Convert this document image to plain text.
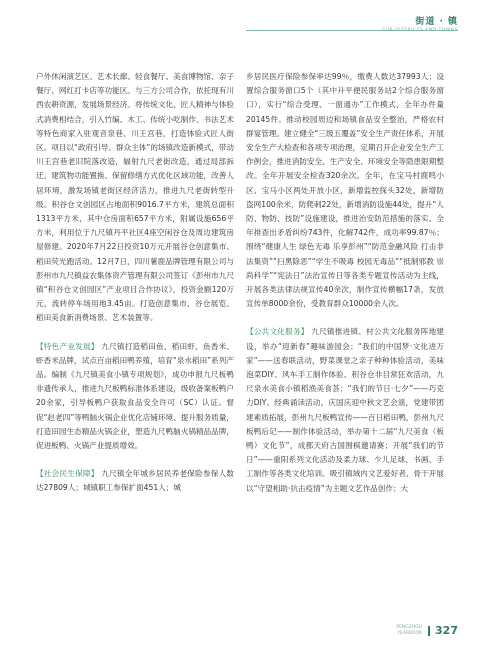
街道 · 镇
SUB-DISTRICTS AND TOWNS

户外休闲演艺区、艺术长廊、轻食餐厅、美食博物馆、亲子餐厅、网红打卡店等功能区。与三方公司合作，依托现有川西农耕资源，发展场景经济。将传统文化、匠人精神与体验式消费相结合，引入竹编、木工、传统小吃制作、书法艺术等特色商家入驻观音泉巷、川王宫巷，打造体验式匠人街区。项目以“政府引导、群众主体”的场镇改造新模式，带动川王宫巷老旧院落改造，辐射九尺老街改造，通过局部拆迁、建筑物功能置换、保留修缮方式优化区域功能，改善人居环境，激发场镇老街区经济活力，推进九尺老街转型升级。积谷仓文创园区占地面积9016.7平方米，建筑总面积1313平方米，其中仓房面积657平方米，附属设施656平方米，利用位于九尺镇丹平社区4座空闲谷仓及周边建筑房屋修建。2020年7月22日投资10万元开展谷仓创意集市、稻田荧光跑活动。12月7日，四川薯鹿品牌管理有限公司与彭州市九尺镇益农集体资产管理有限公司签订《彭州市九尺镇“积谷仓文创园区”产业项目合作协议》，投资金额120万元，流转停车场用地3.45亩。打造创意集市、谷仓展览、稻田美食新消费场景、艺术装置等。

【特色产业发展】 九尺镇打造稻田鱼、稻田虾、鱼香米、虾香米品牌，试点百亩稻田鸭养殖，培育“泉水稻田”系列产品。编制《九尺镇美食小镇专项规划》，成功申报九尺板鸭非遗传承人，推进九尺板鸭标准体系建设，级收备案板鸭户20余家，引导板鸭户获取食品安全许可（SC）认证。督促“赵老四”等鸭脑火锅企业优化店铺环境、提升服务质量，打造田园生态精品火锅企业，塑造九尺鸭脑火锅精品品牌，促进板鸭、火锅产业提质增效。

【社会民生保障】 九尺镇全年城乡居民养老保险参保人数达27809人；城镇职工参保扩面451人；城

乡居民医疗保险参保率达99％，缴费人数达37993人；设置综合服务窗口5个（其中升平便民服务站2个综合服务窗口），实行“综合受理、一窗通办”工作模式，全年办件量20145件。推动校园周边和场镇食品安全整治，严格农村群宴管理。建立健全“三级五覆盖”安全生产责任体系，开展安全生产大检查和各项专项治理，定期召开企业安全生产工作例会，推进消防安全、生产安全、环境安全等隐患限期整改。全年开展安全检查320余次。全年，在宝马村鹿鸣小区、宝马小区两处开放小区，新增监控探头32处，新增防盗网100余米，防爬刺22处，新增消防设施44处，提升“人防、物防、技防”设施建设，推进治安防范措施的落实。全年排查出矛盾纠纷743件，化解742件，成功率99.87％；围绕“健康人生 绿色无毒 乐享彭州”“防范金融风险 打击非法集资”“扫黑除恶”“学生不吸毒 校园无毒品”“抵制邪教 崇尚科学”“宪法日”法治宣传日等各类专题宣传活动为主线，开展各类法律法规宣传40余次，制作宣传横幅17条，发放宣传单8000余份，受教育群众10000余人次。

【公共文化服务】 九尺镇推进镇、村公共文化服务阵地建设，举办“迎新春”趣味游园会；“我们的中国梦·文化进万家”——送春联活动，野菜课堂之亲子种种体验活动，美味泡菜DIY、风车手工制作体验、积谷仓非目常狂欢活动，九尺泉水美食小镇稻渔美食荟；“我们的节日·七夕”——巧克力DIY、经典诵读活动，庆国庆迎中秋文艺会演，党建带团建素质拓展，彭州九尺板鸭宣传——百日稻田鸭，彭州九尺板鸭后记——制作体验活动，举办第十二届“九尺美食（板鸭）文化节”，成都天府古国围棋邀请赛；开展“我们的节日”——重阳系列文化活动及柔力球、少儿足球、书画、手工制作等各类文化培训。吸引镇域内文艺爱好者、骨干开展以“守望相助·抗击疫情”为主题文艺作品创作；大

PENGZHOU
YEARBOOK 327
